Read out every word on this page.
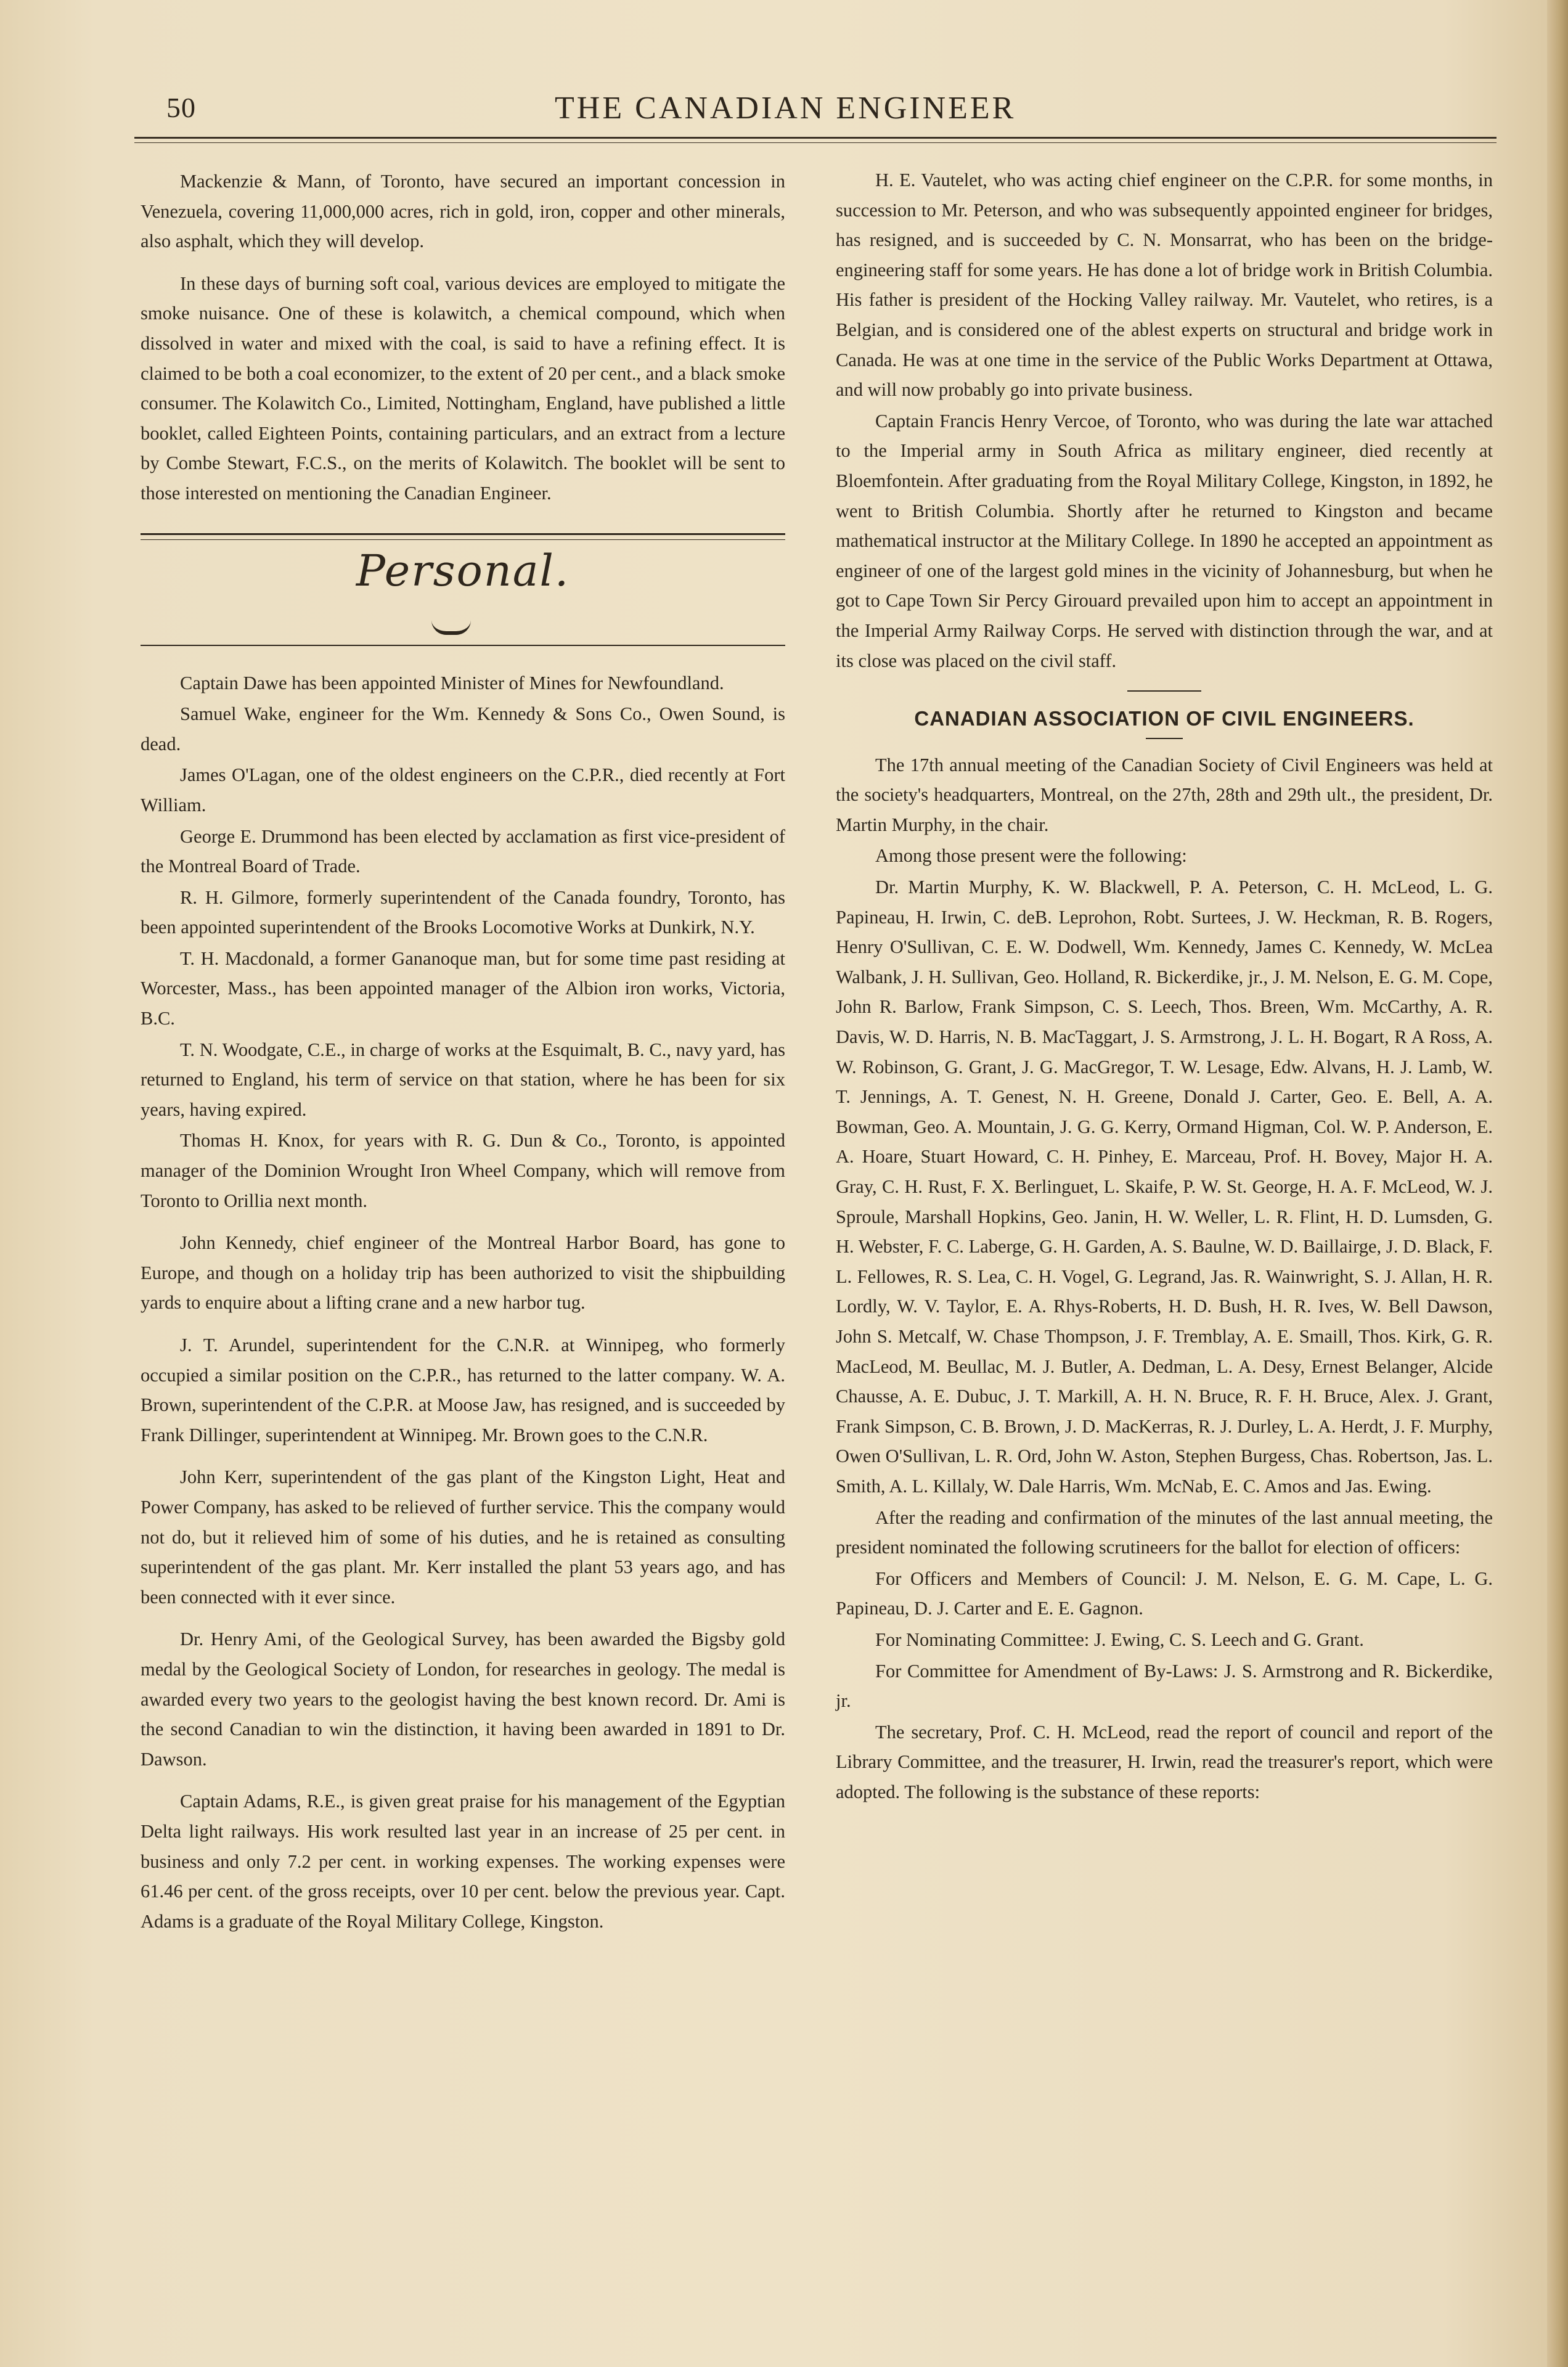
50	THE CANADIAN ENGINEER

Mackenzie & Mann, of Toronto, have secured an important concession in Venezuela, covering 11,000,000 acres, rich in gold, iron, copper and other minerals, also asphalt, which they will develop.

In these days of burning soft coal, various devices are employed to mitigate the smoke nuisance. One of these is kolawitch, a chemical compound, which when dissolved in water and mixed with the coal, is said to have a refining effect. It is claimed to be both a coal economizer, to the extent of 20 per cent., and a black smoke consumer. The Kolawitch Co., Limited, Nottingham, England, have published a little booklet, called Eighteen Points, containing particulars, and an extract from a lecture by Combe Stewart, F.C.S., on the merits of Kolawitch. The booklet will be sent to those interested on mentioning the Canadian Engineer.

Personal.

Captain Dawe has been appointed Minister of Mines for Newfoundland.

Samuel Wake, engineer for the Wm. Kennedy & Sons Co., Owen Sound, is dead.

James O'Lagan, one of the oldest engineers on the C.P.R., died recently at Fort William.

George E. Drummond has been elected by acclamation as first vice-president of the Montreal Board of Trade.

R. H. Gilmore, formerly superintendent of the Canada foundry, Toronto, has been appointed superintendent of the Brooks Locomotive Works at Dunkirk, N.Y.

T. H. Macdonald, a former Gananoque man, but for some time past residing at Worcester, Mass., has been appointed manager of the Albion iron works, Victoria, B.C.

T. N. Woodgate, C.E., in charge of works at the Esquimalt, B. C., navy yard, has returned to England, his term of service on that station, where he has been for six years, having expired.

Thomas H. Knox, for years with R. G. Dun & Co., Toronto, is appointed manager of the Dominion Wrought Iron Wheel Company, which will remove from Toronto to Orillia next month.

John Kennedy, chief engineer of the Montreal Harbor Board, has gone to Europe, and though on a holiday trip has been authorized to visit the shipbuilding yards to enquire about a lifting crane and a new harbor tug.

J. T. Arundel, superintendent for the C.N.R. at Winnipeg, who formerly occupied a similar position on the C.P.R., has returned to the latter company. W. A. Brown, superintendent of the C.P.R. at Moose Jaw, has resigned, and is succeeded by Frank Dillinger, superintendent at Winnipeg. Mr. Brown goes to the C.N.R.

John Kerr, superintendent of the gas plant of the Kingston Light, Heat and Power Company, has asked to be relieved of further service. This the company would not do, but it relieved him of some of his duties, and he is retained as consulting superintendent of the gas plant. Mr. Kerr installed the plant 53 years ago, and has been connected with it ever since.

Dr. Henry Ami, of the Geological Survey, has been awarded the Bigsby gold medal by the Geological Society of London, for researches in geology. The medal is awarded every two years to the geologist having the best known record. Dr. Ami is the second Canadian to win the distinction, it having been awarded in 1891 to Dr. Dawson.

Captain Adams, R.E., is given great praise for his management of the Egyptian Delta light railways. His work resulted last year in an increase of 25 per cent. in business and only 7.2 per cent. in working expenses. The working expenses were 61.46 per cent. of the gross receipts, over 10 per cent. below the previous year. Capt. Adams is a graduate of the Royal Military College, Kingston.

H. E. Vautelet, who was acting chief engineer on the C.P.R. for some months, in succession to Mr. Peterson, and who was subsequently appointed engineer for bridges, has resigned, and is succeeded by C. N. Monsarrat, who has been on the bridge-engineering staff for some years. He has done a lot of bridge work in British Columbia. His father is president of the Hocking Valley railway. Mr. Vautelet, who retires, is a Belgian, and is considered one of the ablest experts on structural and bridge work in Canada. He was at one time in the service of the Public Works Department at Ottawa, and will now probably go into private business.

Captain Francis Henry Vercoe, of Toronto, who was during the late war attached to the Imperial army in South Africa as military engineer, died recently at Bloemfontein. After graduating from the Royal Military College, Kingston, in 1892, he went to British Columbia. Shortly after he returned to Kingston and became mathematical instructor at the Military College. In 1890 he accepted an appointment as engineer of one of the largest gold mines in the vicinity of Johannesburg, but when he got to Cape Town Sir Percy Girouard prevailed upon him to accept an appointment in the Imperial Army Railway Corps. He served with distinction through the war, and at its close was placed on the civil staff.

CANADIAN ASSOCIATION OF CIVIL ENGINEERS.

The 17th annual meeting of the Canadian Society of Civil Engineers was held at the society's headquarters, Montreal, on the 27th, 28th and 29th ult., the president, Dr. Martin Murphy, in the chair.

Among those present were the following:

Dr. Martin Murphy, K. W. Blackwell, P. A. Peterson, C. H. McLeod, L. G. Papineau, H. Irwin, C. deB. Leprohon, Robt. Surtees, J. W. Heckman, R. B. Rogers, Henry O'Sullivan, C. E. W. Dodwell, Wm. Kennedy, James C. Kennedy, W. McLea Walbank, J. H. Sullivan, Geo. Holland, R. Bickerdike, jr., J. M. Nelson, E. G. M. Cope, John R. Barlow, Frank Simpson, C. S. Leech, Thos. Breen, Wm. McCarthy, A. R. Davis, W. D. Harris, N. B. MacTaggart, J. S. Armstrong, J. L. H. Bogart, R A Ross, A. W. Robinson, G. Grant, J. G. MacGregor, T. W. Lesage, Edw. Alvans, H. J. Lamb, W. T. Jennings, A. T. Genest, N. H. Greene, Donald J. Carter, Geo. E. Bell, A. A. Bowman, Geo. A. Mountain, J. G. G. Kerry, Ormand Higman, Col. W. P. Anderson, E. A. Hoare, Stuart Howard, C. H. Pinhey, E. Marceau, Prof. H. Bovey, Major H. A. Gray, C. H. Rust, F. X. Berlinguet, L. Skaife, P. W. St. George, H. A. F. McLeod, W. J. Sproule, Marshall Hopkins, Geo. Janin, H. W. Weller, L. R. Flint, H. D. Lumsden, G. H. Webster, F. C. Laberge, G. H. Garden, A. S. Baulne, W. D. Baillairge, J. D. Black, F. L. Fellowes, R. S. Lea, C. H. Vogel, G. Legrand, Jas. R. Wainwright, S. J. Allan, H. R. Lordly, W. V. Taylor, E. A. Rhys-Roberts, H. D. Bush, H. R. Ives, W. Bell Dawson, John S. Metcalf, W. Chase Thompson, J. F. Tremblay, A. E. Smaill, Thos. Kirk, G. R. MacLeod, M. Beullac, M. J. Butler, A. Dedman, L. A. Desy, Ernest Belanger, Alcide Chausse, A. E. Dubuc, J. T. Markill, A. H. N. Bruce, R. F. H. Bruce, Alex. J. Grant, Frank Simpson, C. B. Brown, J. D. MacKerras, R. J. Durley, L. A. Herdt, J. F. Murphy, Owen O'Sullivan, L. R. Ord, John W. Aston, Stephen Burgess, Chas. Robertson, Jas. L. Smith, A. L. Killaly, W. Dale Harris, Wm. McNab, E. C. Amos and Jas. Ewing.

After the reading and confirmation of the minutes of the last annual meeting, the president nominated the following scrutineers for the ballot for election of officers:

For Officers and Members of Council: J. M. Nelson, E. G. M. Cape, L. G. Papineau, D. J. Carter and E. E. Gagnon.

For Nominating Committee: J. Ewing, C. S. Leech and G. Grant.

For Committee for Amendment of By-Laws: J. S. Armstrong and R. Bickerdike, jr.

The secretary, Prof. C. H. McLeod, read the report of council and report of the Library Committee, and the treasurer, H. Irwin, read the treasurer's report, which were adopted. The following is the substance of these reports:
